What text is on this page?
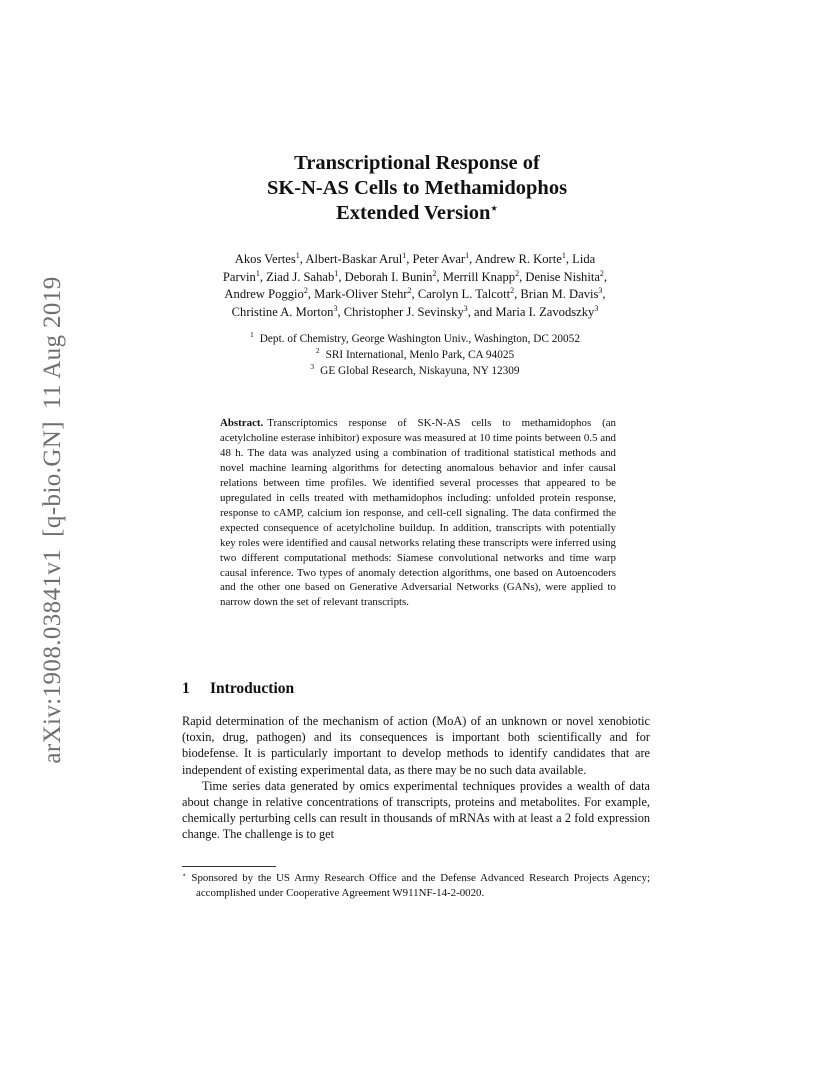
arXiv:1908.03841v1[q-bio.GN]11 Aug 2019
Transcriptional Response of
SK-N-AS Cells to Methamidophos
Extended Version⋆
Akos Vertes$^1$, Albert-Baskar Arul$^1$, Peter Avar$^1$, Andrew R. Korte$^1$, Lida
Parvin$^1$, Ziad J. Sahab$^1$, Deborah I. Bunin$^2$, Merrill Knapp$^2$, Denise Nishita$^2$,
Andrew Poggio$^2$, Mark-Oliver Stehr$^2$, Carolyn L. Talcott$^2$, Brian M. Davis$^3$,
Christine A. Morton$^3$, Christopher J. Sevinsky$^3$, and Maria I. Zavodszky$^3$
$^1$ Dept. of Chemistry, George Washington Univ., Washington, DC 20052
$^2$ SRI International, Menlo Park, CA 94025
$^3$ GE Global Research, Niskayuna, NY 12309
Abstract. Transcriptomics response of SK-N-AS cells to methamidophos (an acetylcholine esterase inhibitor) exposure was measured at 10 time points between 0.5 and 48 h. The data was analyzed using a combination of traditional statistical methods and novel machine learning algorithms for detecting anomalous behavior and infer causal relations between time profiles. We identified several processes that appeared to be upregulated in cells treated with methamidophos including: unfolded protein response, response to cAMP, calcium ion response, and cell-cell signaling. The data confirmed the expected consequence of acetylcholine buildup. In addition, transcripts with potentially key roles were identified and causal networks relating these transcripts were inferred using two different computational methods: Siamese convolutional networks and time warp causal inference. Two types of anomaly detection algorithms, one based on Autoencoders and the other one based on Generative Adversarial Networks (GANs), were applied to narrow down the set of relevant transcripts.
1 Introduction

Rapid determination of the mechanism of action (MoA) of an unknown or novel xenobiotic (toxin, drug, pathogen) and its consequences is important both scientifically and for biodefense. It is particularly important to develop methods to identify candidates that are independent of existing experimental data, as there may be no such data available.

Time series data generated by omics experimental techniques provides a wealth of data about change in relative concentrations of transcripts, proteins and metabolites. For example, chemically perturbing cells can result in thousands of mRNAs with at least a 2 fold expression change. The challenge is to get

⋆ Sponsored by the US Army Research Office and the Defense Advanced Research Projects Agency; accomplished under Cooperative Agreement W911NF-14-2-0020.
